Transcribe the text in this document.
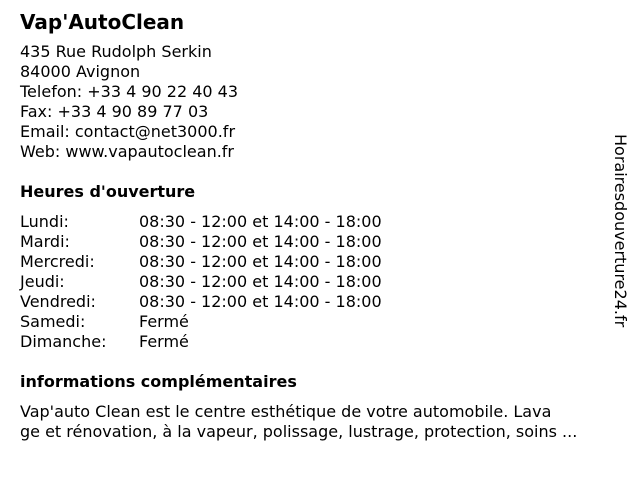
Vap'AutoClean
435 Rue Rudolph Serkin
84000 Avignon
Telefon: +33 4 90 22 40 43
Fax: +33 4 90 89 77 03
Email: contact@net3000.fr
Web: www.vapautoclean.fr
Heures d'ouverture
Lundi:	08:30 - 12:00 et 14:00 - 18:00
Mardi:	08:30 - 12:00 et 14:00 - 18:00
Mercredi:	08:30 - 12:00 et 14:00 - 18:00
Jeudi:	08:30 - 12:00 et 14:00 - 18:00
Vendredi:	08:30 - 12:00 et 14:00 - 18:00
Samedi:	Fermé
Dimanche:	Fermé
informations complémentaires
Vap'auto Clean est le centre esthétique de votre automobile. Lava
ge et rénovation, à la vapeur, polissage, lustrage, protection, soins ...
Horairesdouverture24.fr
